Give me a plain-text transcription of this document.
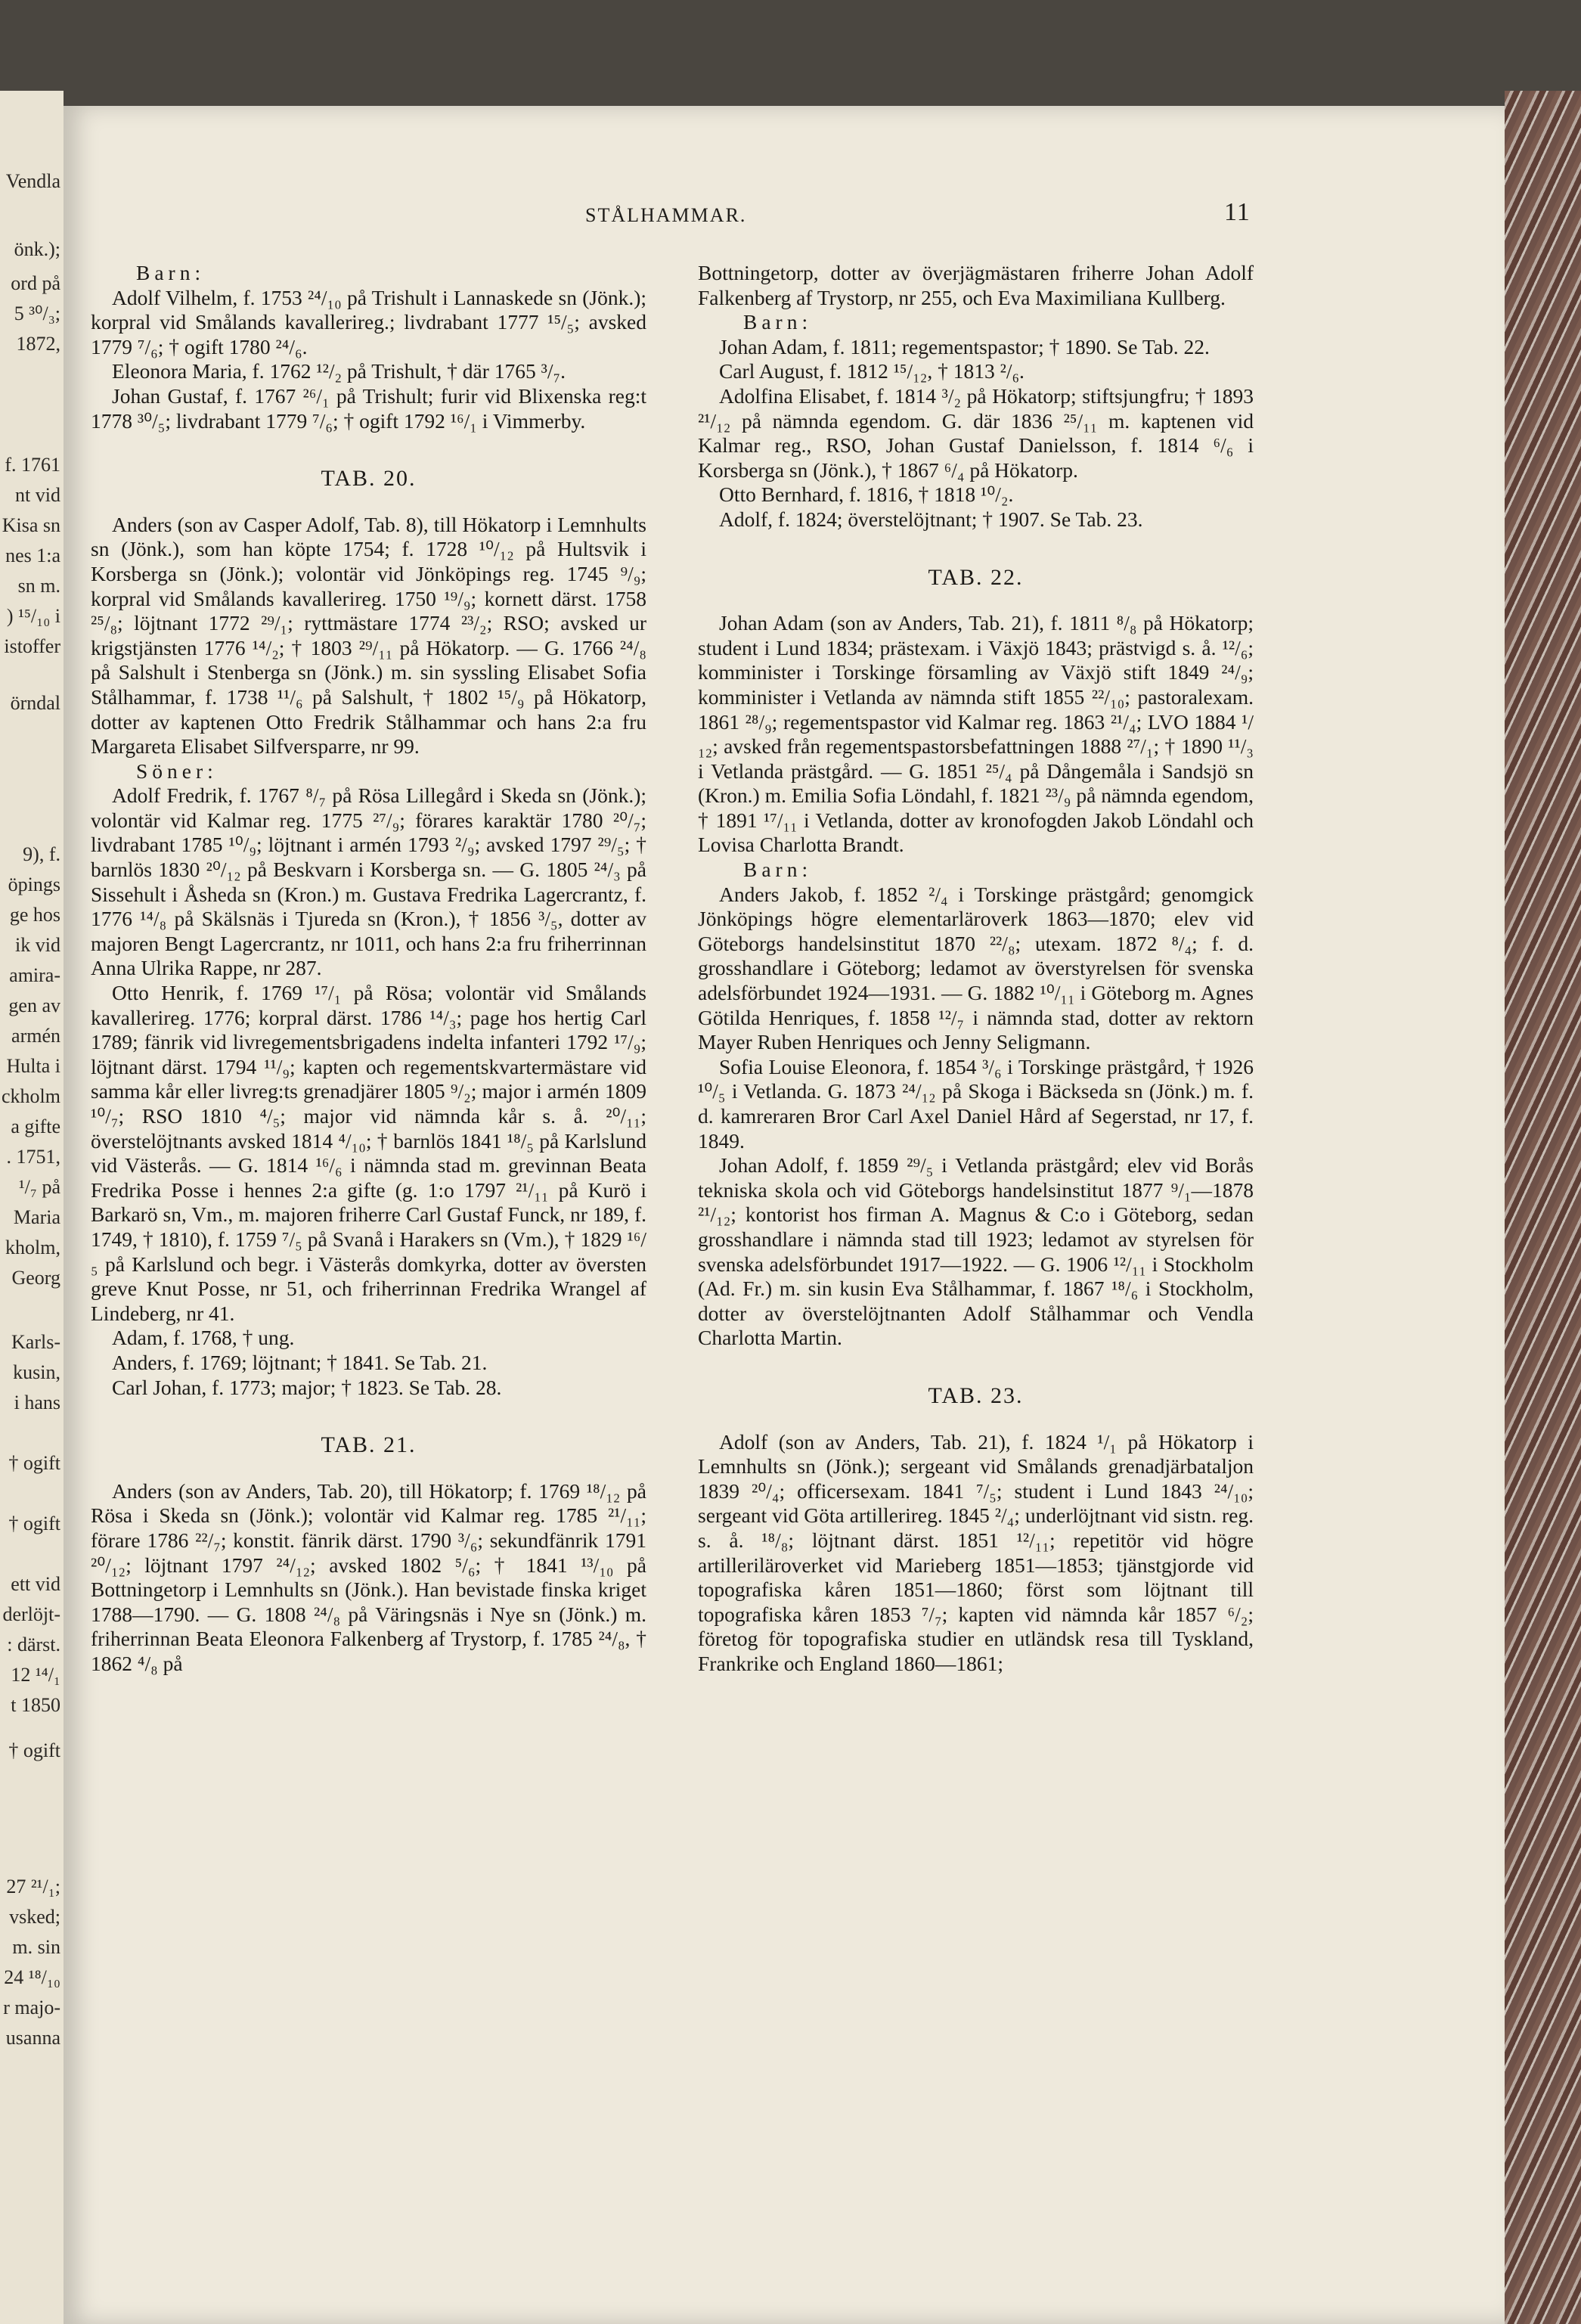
Vendla
önk.);
ord på
5 ³⁰/₃;
1872,
f. 1761
nt vid
Kisa sn
nes 1:a
sn m.
) ¹⁵/₁₀ i
istoffer
örndal
9), f.
öpings
ge hos
ik vid
amira-
gen av
armén
Hulta i
ckholm
a gifte
. 1751,
¹/₇ på
Maria
kholm,
Georg
Karls-
kusin,
i hans
† ogift
† ogift
ett vid
derlöjt-
: därst.
12 ¹⁴/₁
t 1850
† ogift
27 ²¹/₁;
vsked;
m. sin
24 ¹⁸/₁₀
r majo-
usanna
STÅLHAMMAR.	11

Barn:

Adolf Vilhelm, f. 1753 ²⁴/₁₀ på Trishult i Lannaskede sn (Jönk.); korpral vid Smålands kavallerireg.; livdrabant 1777 ¹⁵/₅; avsked 1779 ⁷/₆; † ogift 1780 ²⁴/₆.

Eleonora Maria, f. 1762 ¹²/₂ på Trishult, † där 1765 ³/₇.

Johan Gustaf, f. 1767 ²⁶/₁ på Trishult; furir vid Blixenska reg:t 1778 ³⁰/₅; livdrabant 1779 ⁷/₆; † ogift 1792 ¹⁶/₁ i Vimmerby.

TAB. 20.

Anders (son av Casper Adolf, Tab. 8), till Hökatorp i Lemnhults sn (Jönk.), som han köpte 1754; f. 1728 ¹⁰/₁₂ på Hultsvik i Korsberga sn (Jönk.); volontär vid Jönköpings reg. 1745 ⁹/₉; korpral vid Smålands kavallerireg. 1750 ¹⁹/₉; kornett därst. 1758 ²⁵/₈; löjtnant 1772 ²⁹/₁; ryttmästare 1774 ²³/₂; RSO; avsked ur krigstjänsten 1776 ¹⁴/₂; † 1803 ²⁹/₁₁ på Hökatorp. — G. 1766 ²⁴/₈ på Salshult i Stenberga sn (Jönk.) m. sin syssling Elisabet Sofia Stålhammar, f. 1738 ¹¹/₆ på Salshult, † 1802 ¹⁵/₉ på Hökatorp, dotter av kaptenen Otto Fredrik Stålhammar och hans 2:a fru Margareta Elisabet Silfversparre, nr 99.

Söner:

Adolf Fredrik, f. 1767 ⁸/₇ på Rösa Lillegård i Skeda sn (Jönk.); volontär vid Kalmar reg. 1775 ²⁷/₉; förares karaktär 1780 ²⁰/₇; livdrabant 1785 ¹⁰/₉; löjtnant i armén 1793 ²/₉; avsked 1797 ²⁹/₅; † barnlös 1830 ²⁰/₁₂ på Beskvarn i Korsberga sn. — G. 1805 ²⁴/₃ på Sissehult i Åsheda sn (Kron.) m. Gustava Fredrika Lagercrantz, f. 1776 ¹⁴/₈ på Skälsnäs i Tjureda sn (Kron.), † 1856 ³/₅, dotter av majoren Bengt Lagercrantz, nr 1011, och hans 2:a fru friherrinnan Anna Ulrika Rappe, nr 287.

Otto Henrik, f. 1769 ¹⁷/₁ på Rösa; volontär vid Smålands kavallerireg. 1776; korpral därst. 1786 ¹⁴/₃; page hos hertig Carl 1789; fänrik vid livregementsbrigadens indelta infanteri 1792 ¹⁷/₉; löjtnant därst. 1794 ¹¹/₉; kapten och regementskvartermästare vid samma kår eller livreg:ts grenadjärer 1805 ⁹/₂; major i armén 1809 ¹⁰/₇; RSO 1810 ⁴/₅; major vid nämnda kår s. å. ²⁰/₁₁; överstelöjtnants avsked 1814 ⁴/₁₀; † barnlös 1841 ¹⁸/₅ på Karlslund vid Västerås. — G. 1814 ¹⁶/₆ i nämnda stad m. grevinnan Beata Fredrika Posse i hennes 2:a gifte (g. 1:o 1797 ²¹/₁₁ på Kurö i Barkarö sn, Vm., m. majoren friherre Carl Gustaf Funck, nr 189, f. 1749, † 1810), f. 1759 ⁷/₅ på Svanå i Harakers sn (Vm.), † 1829 ¹⁶/₅ på Karlslund och begr. i Västerås domkyrka, dotter av översten greve Knut Posse, nr 51, och friherrinnan Fredrika Wrangel af Lindeberg, nr 41.

Adam, f. 1768, † ung.

Anders, f. 1769; löjtnant; † 1841. Se Tab. 21.

Carl Johan, f. 1773; major; † 1823. Se Tab. 28.

TAB. 21.

Anders (son av Anders, Tab. 20), till Hökatorp; f. 1769 ¹⁸/₁₂ på Rösa i Skeda sn (Jönk.); volontär vid Kalmar reg. 1785 ²¹/₁₁; förare 1786 ²²/₇; konstit. fänrik därst. 1790 ³/₆; sekundfänrik 1791 ²⁰/₁₂; löjtnant 1797 ²⁴/₁₂; avsked 1802 ⁵/₆; † 1841 ¹³/₁₀ på Bottningetorp i Lemnhults sn (Jönk.). Han bevistade finska kriget 1788—1790. — G. 1808 ²⁴/₈ på Väringsnäs i Nye sn (Jönk.) m. friherrinnan Beata Eleonora Falkenberg af Trystorp, f. 1785 ²⁴/₈, † 1862 ⁴/₈ på

Bottningetorp, dotter av överjägmästaren friherre Johan Adolf Falkenberg af Trystorp, nr 255, och Eva Maximiliana Kullberg.

Barn:

Johan Adam, f. 1811; regementspastor; † 1890. Se Tab. 22.

Carl August, f. 1812 ¹⁵/₁₂, † 1813 ²/₆.

Adolfina Elisabet, f. 1814 ³/₂ på Hökatorp; stiftsjungfru; † 1893 ²¹/₁₂ på nämnda egendom. G. där 1836 ²⁵/₁₁ m. kaptenen vid Kalmar reg., RSO, Johan Gustaf Danielsson, f. 1814 ⁶/₆ i Korsberga sn (Jönk.), † 1867 ⁶/₄ på Hökatorp.

Otto Bernhard, f. 1816, † 1818 ¹⁰/₂.

Adolf, f. 1824; överstelöjtnant; † 1907. Se Tab. 23.

TAB. 22.

Johan Adam (son av Anders, Tab. 21), f. 1811 ⁸/₈ på Hökatorp; student i Lund 1834; prästexam. i Växjö 1843; prästvigd s. å. ¹²/₆; komminister i Torskinge församling av Växjö stift 1849 ²⁴/₉; komminister i Vetlanda av nämnda stift 1855 ²²/₁₀; pastoralexam. 1861 ²⁸/₉; regementspastor vid Kalmar reg. 1863 ²¹/₄; LVO 1884 ¹/₁₂; avsked från regementspastorsbefattningen 1888 ²⁷/₁; † 1890 ¹¹/₃ i Vetlanda prästgård. — G. 1851 ²⁵/₄ på Dångemåla i Sandsjö sn (Kron.) m. Emilia Sofia Löndahl, f. 1821 ²³/₉ på nämnda egendom, † 1891 ¹⁷/₁₁ i Vetlanda, dotter av kronofogden Jakob Löndahl och Lovisa Charlotta Brandt.

Barn:

Anders Jakob, f. 1852 ²/₄ i Torskinge prästgård; genomgick Jönköpings högre elementarläroverk 1863—1870; elev vid Göteborgs handelsinstitut 1870 ²²/₈; utexam. 1872 ⁸/₄; f. d. grosshandlare i Göteborg; ledamot av överstyrelsen för svenska adelsförbundet 1924—1931. — G. 1882 ¹⁰/₁₁ i Göteborg m. Agnes Götilda Henriques, f. 1858 ¹²/₇ i nämnda stad, dotter av rektorn Mayer Ruben Henriques och Jenny Seligmann.

Sofia Louise Eleonora, f. 1854 ³/₆ i Torskinge prästgård, † 1926 ¹⁰/₅ i Vetlanda. G. 1873 ²⁴/₁₂ på Skoga i Bäckseda sn (Jönk.) m. f. d. kamreraren Bror Carl Axel Daniel Hård af Segerstad, nr 17, f. 1849.

Johan Adolf, f. 1859 ²⁹/₅ i Vetlanda prästgård; elev vid Borås tekniska skola och vid Göteborgs handelsinstitut 1877 ⁹/₁—1878 ²¹/₁₂; kontorist hos firman A. Magnus & C:o i Göteborg, sedan grosshandlare i nämnda stad till 1923; ledamot av styrelsen för svenska adelsförbundet 1917—1922. — G. 1906 ¹²/₁₁ i Stockholm (Ad. Fr.) m. sin kusin Eva Stålhammar, f. 1867 ¹⁸/₆ i Stockholm, dotter av överstelöjtnanten Adolf Stålhammar och Vendla Charlotta Martin.

TAB. 23.

Adolf (son av Anders, Tab. 21), f. 1824 ¹/₁ på Hökatorp i Lemnhults sn (Jönk.); sergeant vid Smålands grenadjärbataljon 1839 ²⁰/₄; officersexam. 1841 ⁷/₅; student i Lund 1843 ²⁴/₁₀; sergeant vid Göta artillerireg. 1845 ²/₄; underlöjtnant vid sistn. reg. s. å. ¹⁸/₈; löjtnant därst. 1851 ¹²/₁₁; repetitör vid högre artilleriläroverket vid Marieberg 1851—1853; tjänstgjorde vid topografiska kåren 1851—1860; först som löjtnant till topografiska kåren 1853 ⁷/₇; kapten vid nämnda kår 1857 ⁶/₂; företog för topografiska studier en utländsk resa till Tyskland, Frankrike och England 1860—1861;
